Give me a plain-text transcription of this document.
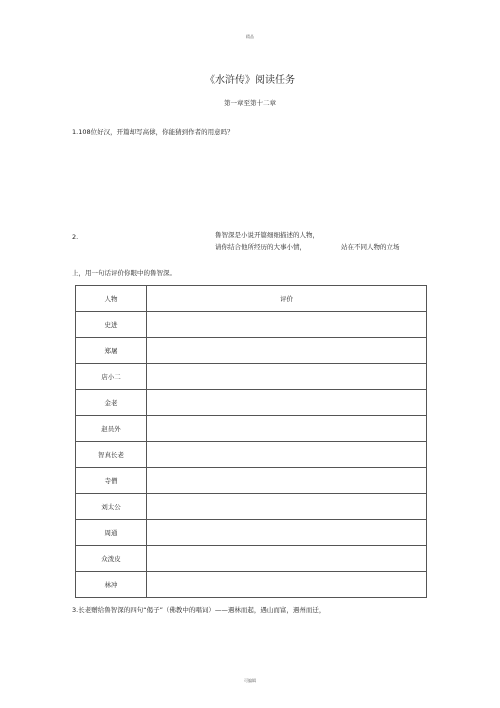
精品
《水浒传》阅读任务
第一章至第十二章
1.108位好汉，开篇却写高俅，你能猜到作者的用意吗？
2.	鲁智深是小说开篇细细描述的人物，
请你结合他所经历的大事小情，	站在不同人物的立场
上，用一句话评价你眼中的鲁智深。
人物	评价
史进	
郑屠	
店小二	
金老	
赵员外	
智真长老	
寺僧	
刘太公	
周通	
众泼皮	
林冲	
3.长老赠给鲁智深的四句“偈子”（佛教中的唱词）——遇林而起，遇山而富，遇州而迁，
可编辑
